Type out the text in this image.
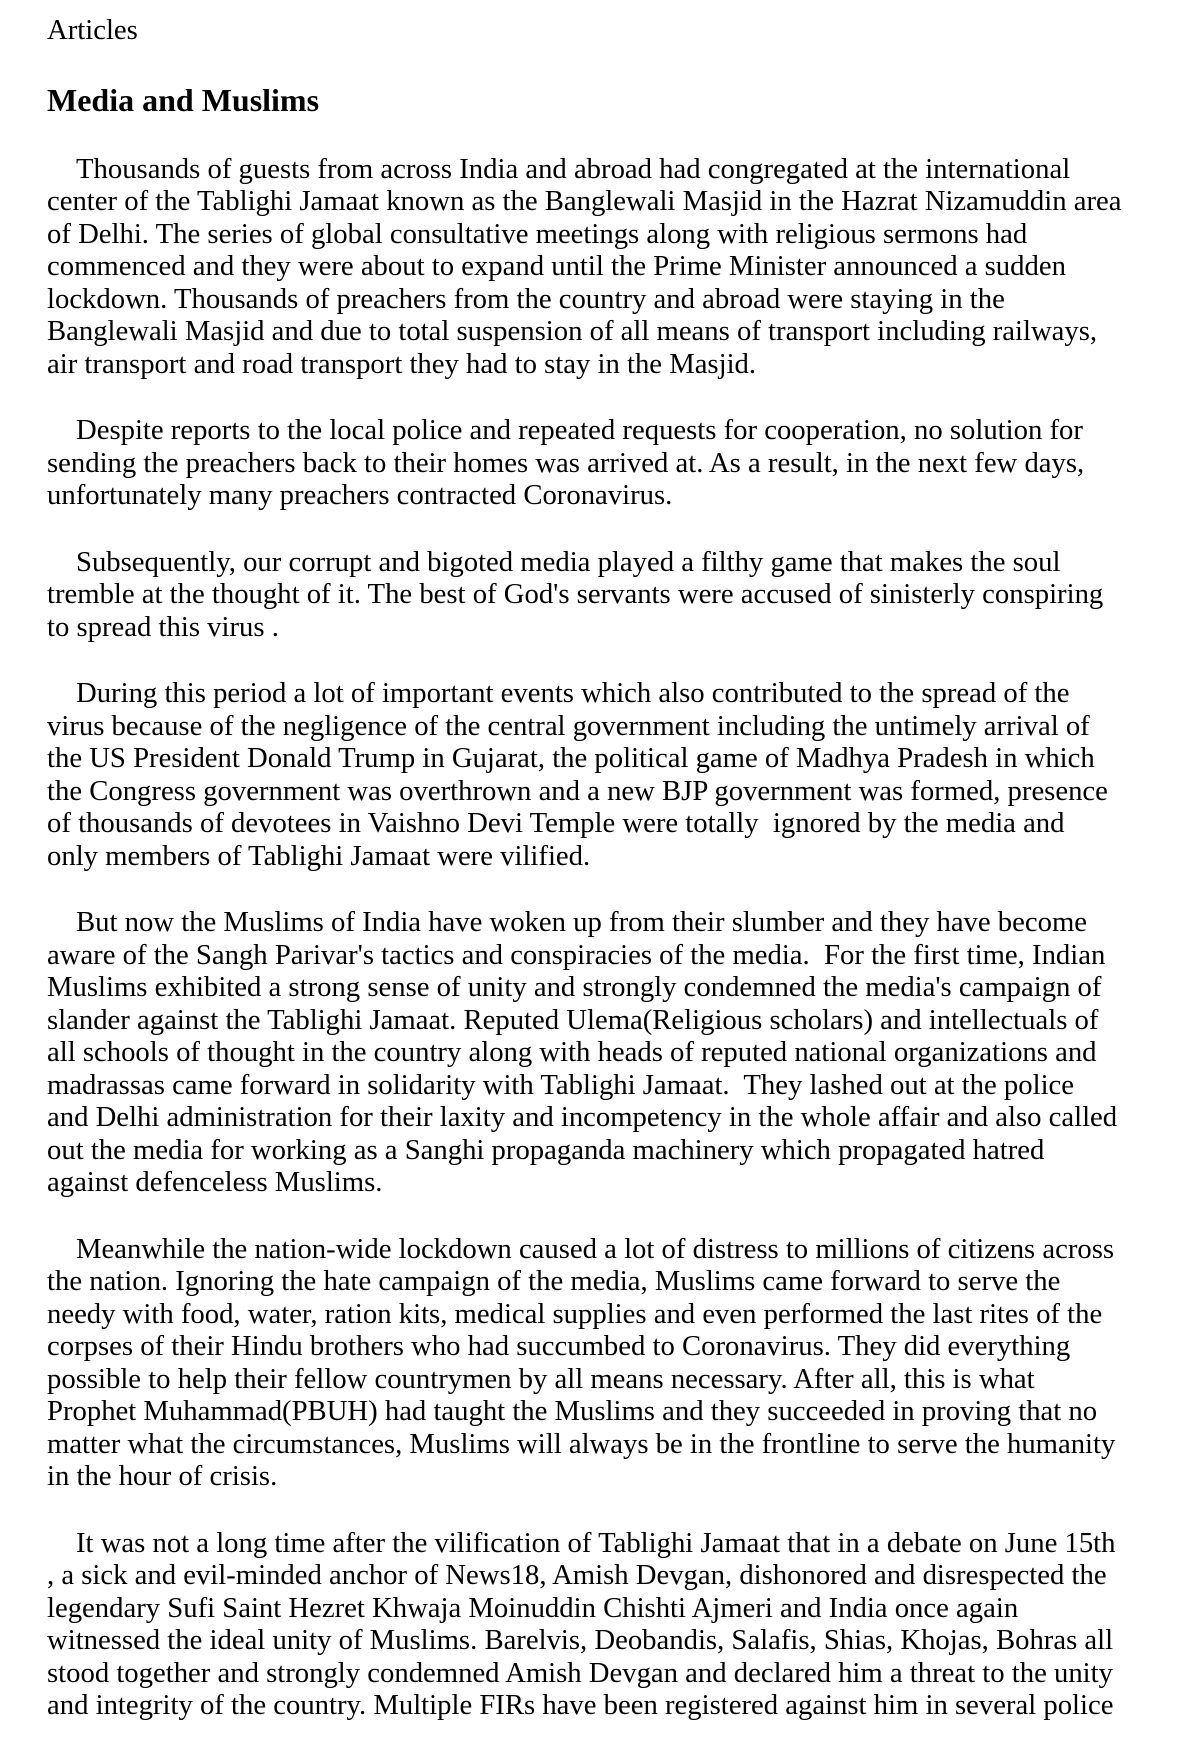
Articles
Media and Muslims

Thousands of guests from across India and abroad had congregated at the international center of the Tablighi Jamaat known as the Banglewali Masjid in the Hazrat Nizamuddin area of Delhi. The series of global consultative meetings along with religious sermons had commenced and they were about to expand until the Prime Minister announced a sudden lockdown. Thousands of preachers from the country and abroad were staying in the Banglewali Masjid and due to total suspension of all means of transport including railways, air transport and road transport they had to stay in the Masjid.

Despite reports to the local police and repeated requests for cooperation, no solution for sending the preachers back to their homes was arrived at. As a result, in the next few days, unfortunately many preachers contracted Coronavirus.

Subsequently, our corrupt and bigoted media played a filthy game that makes the soul tremble at the thought of it. The best of God's servants were accused of sinisterly conspiring to spread this virus .

During this period a lot of important events which also contributed to the spread of the virus because of the negligence of the central government including the untimely arrival of the US President Donald Trump in Gujarat, the political game of Madhya Pradesh in which the Congress government was overthrown and a new BJP government was formed, presence of thousands of devotees in Vaishno Devi Temple were totally  ignored by the media and only members of Tablighi Jamaat were vilified.

But now the Muslims of India have woken up from their slumber and they have become aware of the Sangh Parivar's tactics and conspiracies of the media.  For the first time, Indian Muslims exhibited a strong sense of unity and strongly condemned the media's campaign of slander against the Tablighi Jamaat. Reputed Ulema(Religious scholars) and intellectuals of all schools of thought in the country along with heads of reputed national organizations and madrassas came forward in solidarity with Tablighi Jamaat.  They lashed out at the police and Delhi administration for their laxity and incompetency in the whole affair and also called out the media for working as a Sanghi propaganda machinery which propagated hatred against defenceless Muslims.

Meanwhile the nation-wide lockdown caused a lot of distress to millions of citizens across the nation. Ignoring the hate campaign of the media, Muslims came forward to serve the needy with food, water, ration kits, medical supplies and even performed the last rites of the corpses of their Hindu brothers who had succumbed to Coronavirus. They did everything possible to help their fellow countrymen by all means necessary. After all, this is what Prophet Muhammad(PBUH) had taught the Muslims and they succeeded in proving that no matter what the circumstances, Muslims will always be in the frontline to serve the humanity in the hour of crisis.

It was not a long time after the vilification of Tablighi Jamaat that in a debate on June 15th , a sick and evil-minded anchor of News18, Amish Devgan, dishonored and disrespected the legendary Sufi Saint Hezret Khwaja Moinuddin Chishti Ajmeri and India once again witnessed the ideal unity of Muslims. Barelvis, Deobandis, Salafis, Shias, Khojas, Bohras all stood together and strongly condemned Amish Devgan and declared him a threat to the unity and integrity of the country. Multiple FIRs have been registered against him in several police
